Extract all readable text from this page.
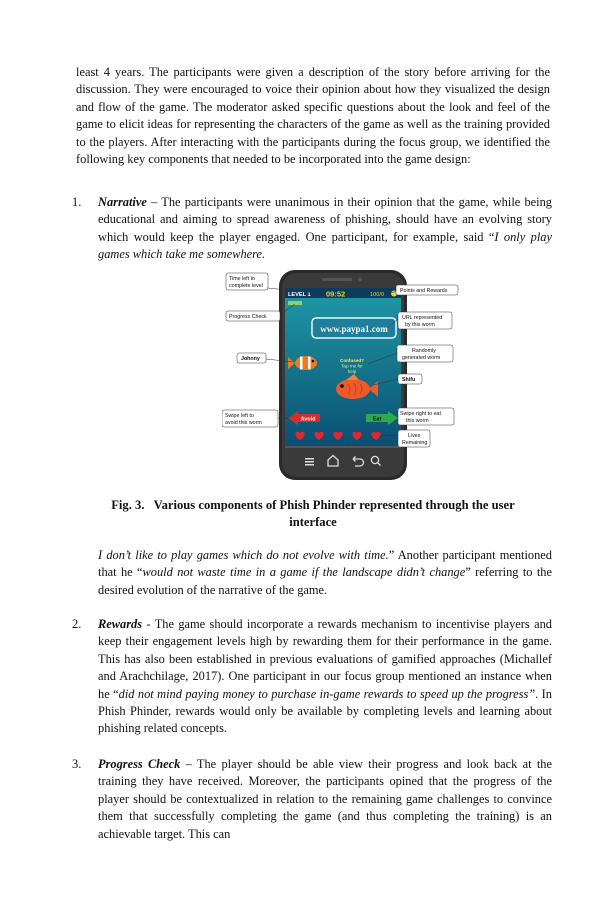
least 4 years. The participants were given a description of the story before arriving for the discussion. They were encouraged to voice their opinion about how they visualized the design and flow of the game. The moderator asked specific questions about the look and feel of the game to elicit ideas for representing the characters of the game as well as the training provided to the players. After interacting with the participants during the focus group, we identified the following key components that needed to be incorporated into the game design:

1. Narrative – The participants were unanimous in their opinion that the game, while being educational and aiming to spread awareness of phishing, should have an evolving story which would keep the player engaged. One participant, for example, said “I only play games which take me somewhere.
LEVEL 1 09:52	100/0
www.paypa1.com
Confused?
Tap me for
help
Avoid	Eat
Time left to
complete level
Progress Check
Johnny
Swipe left to
avoid this worm
Points and Rewards
URL represented
by this worm
Randomly
generated worm
Shifu
Swipe right to eat
this worm
Lives
Remaining
Fig. 3.   Various components of Phish Phinder represented through the user
interface
I don’t like to play games which do not evolve with time.” Another participant mentioned that he “would not waste time in a game if the landscape didn’t change” referring to the desired evolution of the narrative of the game.
2. Rewards - The game should incorporate a rewards mechanism to incentivise players and keep their engagement levels high by rewarding them for their performance in the game. This has also been established in previous evaluations of gamified approaches (Michallef and Arachchilage, 2017). One participant in our focus group mentioned an instance when he “did not mind paying money to purchase in-game rewards to speed up the progress”. In Phish Phinder, rewards would only be available by completing levels and learning about phishing related concepts.
3. Progress Check – The player should be able view their progress and look back at the training they have received. Moreover, the participants opined that the progress of the player should be contextualized in relation to the remaining game challenges to convince them that successfully completing the game (and thus completing the training) is an achievable target. This can
